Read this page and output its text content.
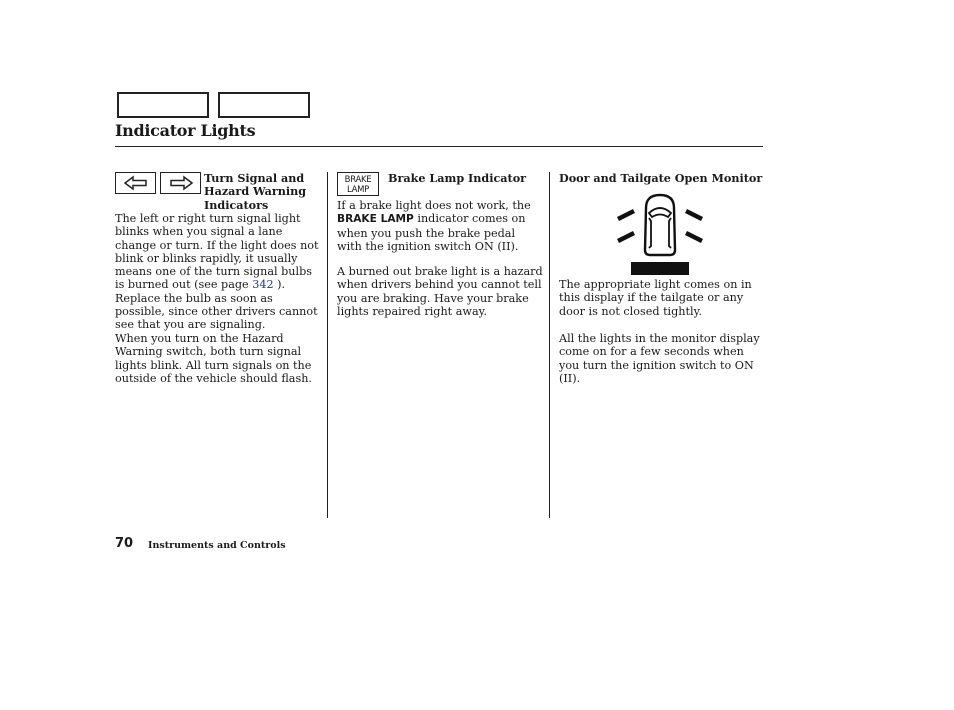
Indicator Lights
Turn Signal and
Hazard Warning
Indicators
The left or right turn signal light blinks when you signal a lane change or turn. If the light does not blink or blinks rapidly, it usually means one of the turn signal bulbs is burned out (see page 342 ). Replace the bulb as soon as possible, since other drivers cannot see that you are signaling.
When you turn on the Hazard Warning switch, both turn signal lights blink. All turn signals on the outside of the vehicle should flash.
BRAKE
LAMP
Brake Lamp Indicator
If a brake light does not work, the BRAKE LAMP indicator comes on when you push the brake pedal with the ignition switch ON (II).
A burned out brake light is a hazard when drivers behind you cannot tell you are braking. Have your brake lights repaired right away.
Door and Tailgate Open Monitor
The appropriate light comes on in this display if the tailgate or any door is not closed tightly.
All the lights in the monitor display come on for a few seconds when you turn the ignition switch to ON (II).
70 Instruments and Controls
